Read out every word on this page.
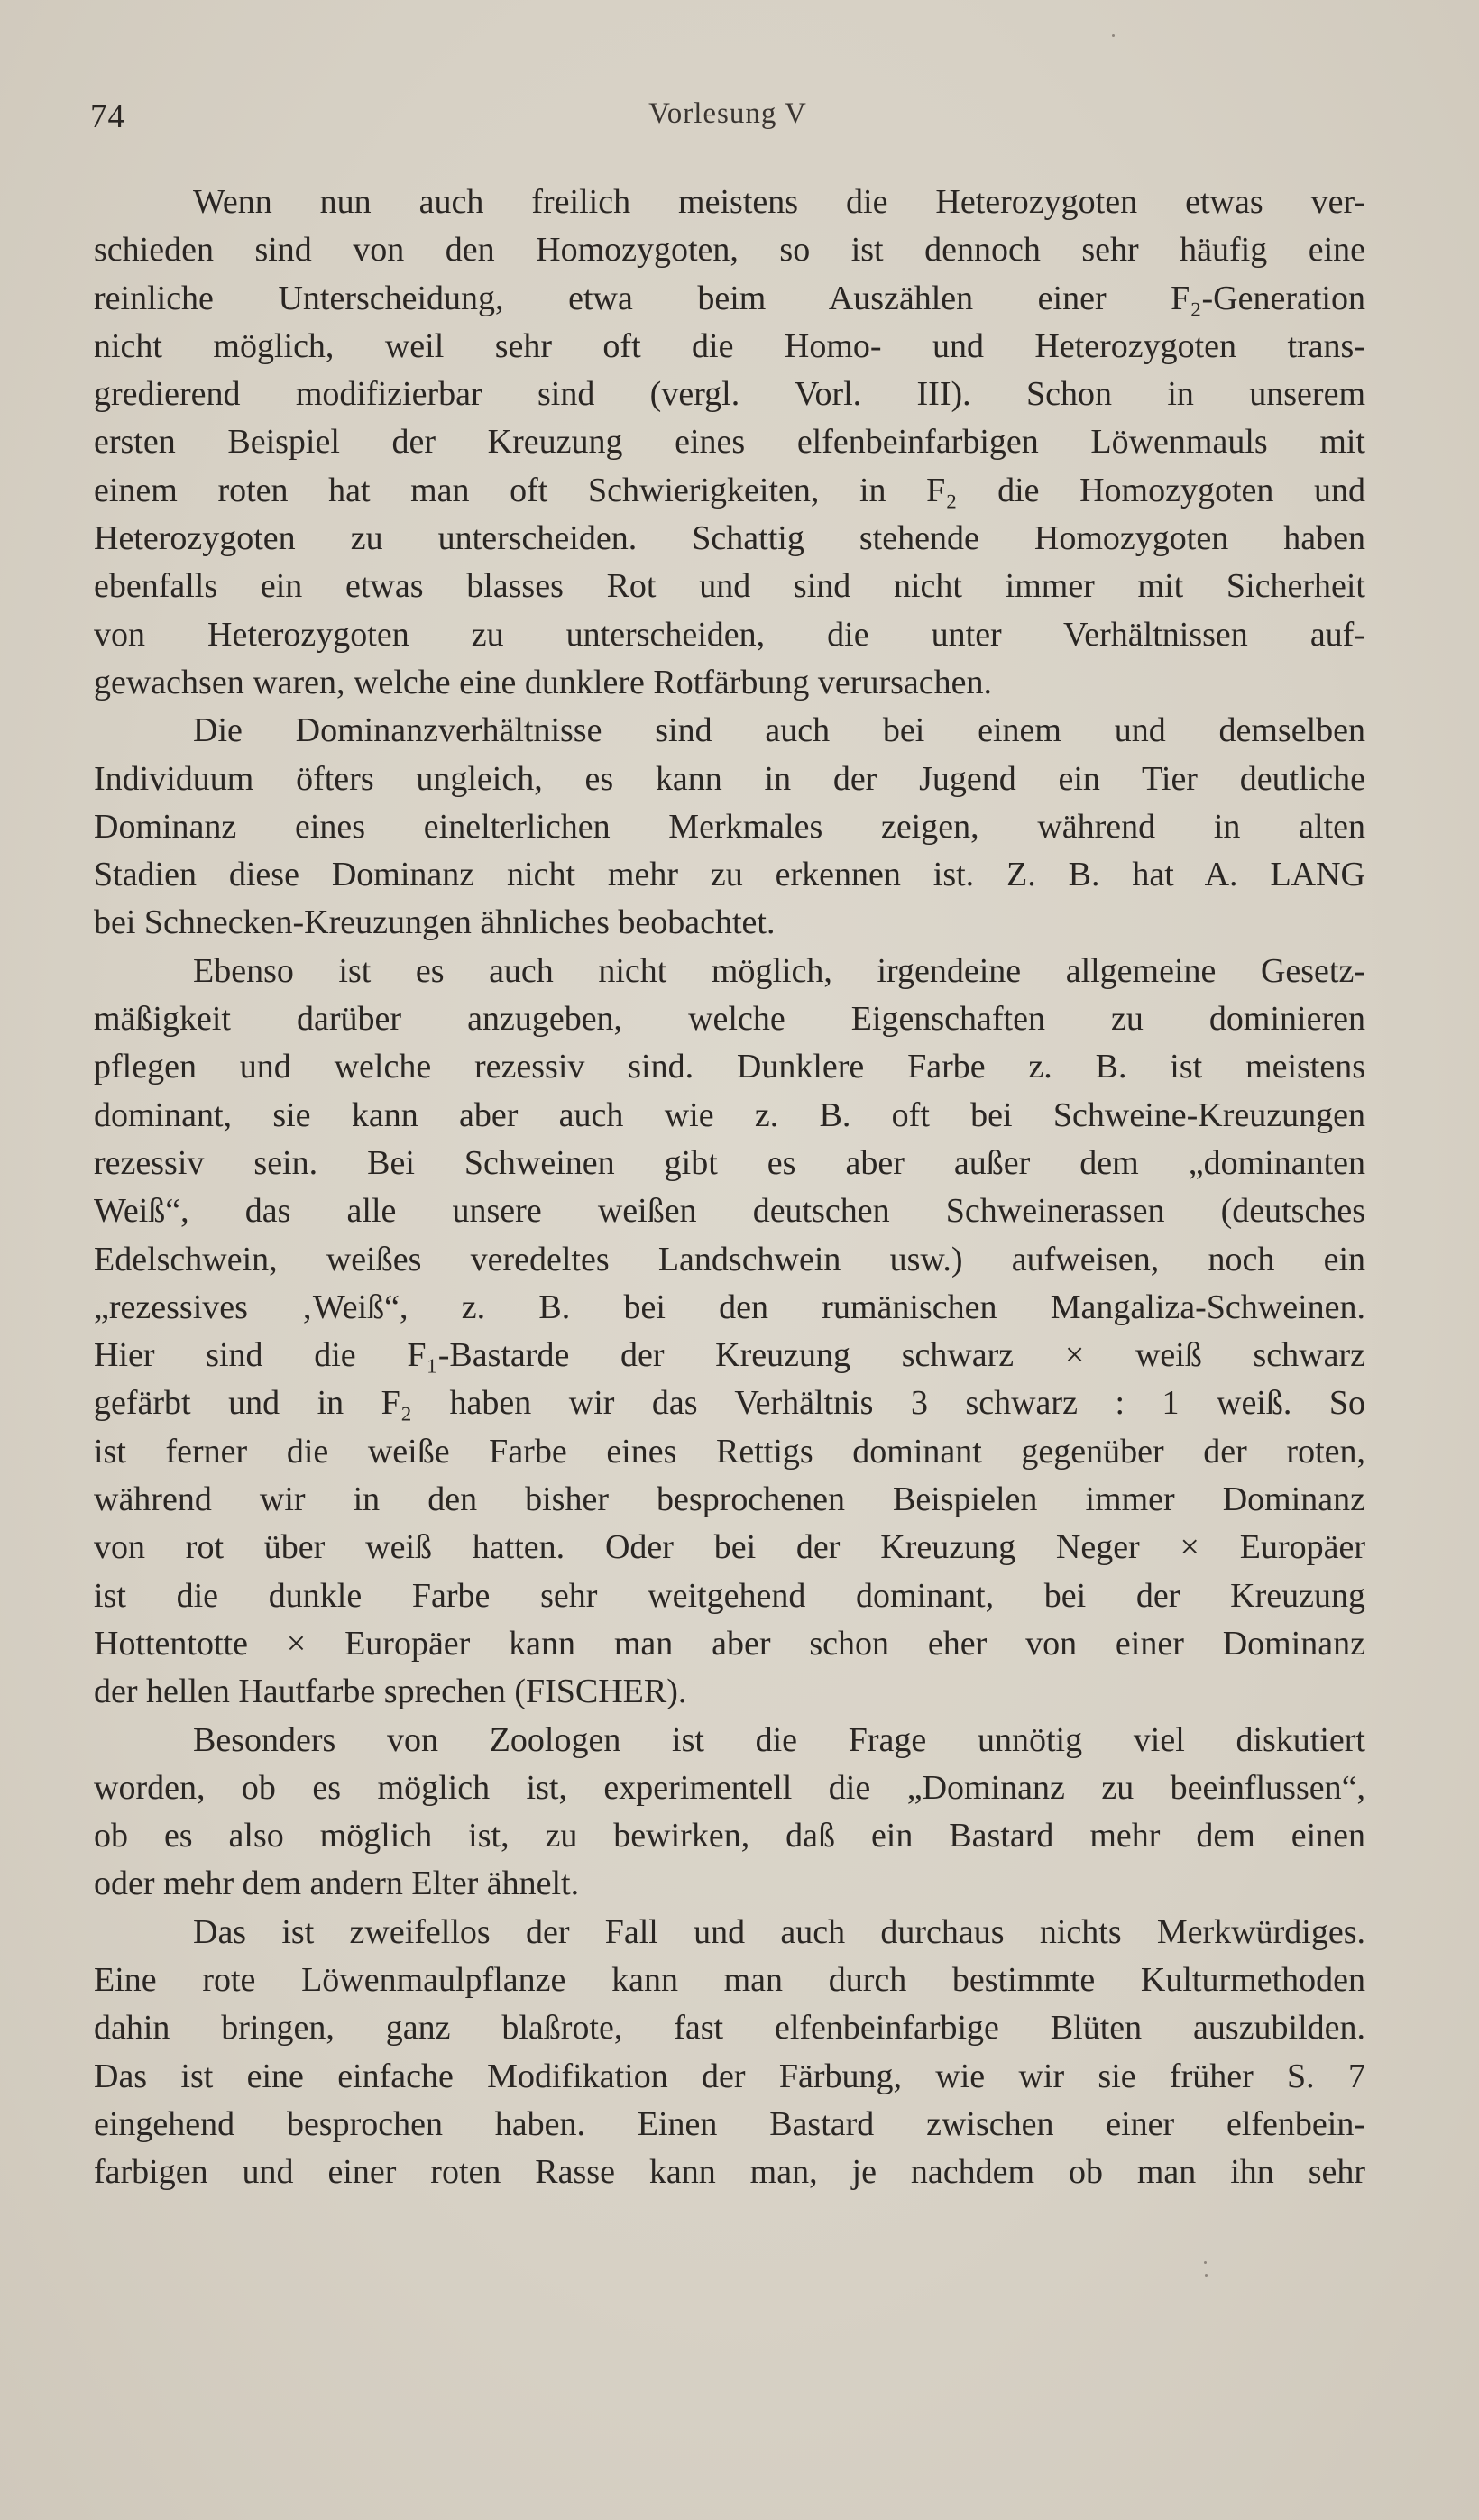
74	Vorlesung V
Wenn nun auch freilich meistens die Heterozygoten etwas ver-
schieden sind von den Homozygoten, so ist dennoch sehr häufig eine
reinliche Unterscheidung, etwa beim Auszählen einer F₂-Generation
nicht möglich, weil sehr oft die Homo- und Heterozygoten trans-
gredierend modifizierbar sind (vergl. Vorl. III). Schon in unserem
ersten Beispiel der Kreuzung eines elfenbeinfarbigen Löwenmauls mit
einem roten hat man oft Schwierigkeiten, in F₂ die Homozygoten und
Heterozygoten zu unterscheiden. Schattig stehende Homozygoten haben
ebenfalls ein etwas blasses Rot und sind nicht immer mit Sicherheit
von Heterozygoten zu unterscheiden, die unter Verhältnissen auf-
gewachsen waren, welche eine dunklere Rotfärbung verursachen.
Die Dominanzverhältnisse sind auch bei einem und demselben
Individuum öfters ungleich, es kann in der Jugend ein Tier deutliche
Dominanz eines einelterlichen Merkmales zeigen, während in alten
Stadien diese Dominanz nicht mehr zu erkennen ist. Z. B. hat A. LANG
bei Schnecken-Kreuzungen ähnliches beobachtet.
Ebenso ist es auch nicht möglich, irgendeine allgemeine Gesetz-
mäßigkeit darüber anzugeben, welche Eigenschaften zu dominieren
pflegen und welche rezessiv sind. Dunklere Farbe z. B. ist meistens
dominant, sie kann aber auch wie z. B. oft bei Schweine-Kreuzungen
rezessiv sein. Bei Schweinen gibt es aber außer dem „dominanten
Weiß“, das alle unsere weißen deutschen Schweinerassen (deutsches
Edelschwein, weißes veredeltes Landschwein usw.) aufweisen, noch ein
„rezessives ‚Weiß“, z. B. bei den rumänischen Mangaliza-Schweinen.
Hier sind die F₁-Bastarde der Kreuzung schwarz × weiß schwarz
gefärbt und in F₂ haben wir das Verhältnis 3 schwarz : 1 weiß. So
ist ferner die weiße Farbe eines Rettigs dominant gegenüber der roten,
während wir in den bisher besprochenen Beispielen immer Dominanz
von rot über weiß hatten. Oder bei der Kreuzung Neger × Europäer
ist die dunkle Farbe sehr weitgehend dominant, bei der Kreuzung
Hottentotte × Europäer kann man aber schon eher von einer Dominanz
der hellen Hautfarbe sprechen (FISCHER).
Besonders von Zoologen ist die Frage unnötig viel diskutiert
worden, ob es möglich ist, experimentell die „Dominanz zu beeinflussen“,
ob es also möglich ist, zu bewirken, daß ein Bastard mehr dem einen
oder mehr dem andern Elter ähnelt.
Das ist zweifellos der Fall und auch durchaus nichts Merkwürdiges.
Eine rote Löwenmaulpflanze kann man durch bestimmte Kulturmethoden
dahin bringen, ganz blaßrote, fast elfenbeinfarbige Blüten auszubilden.
Das ist eine einfache Modifikation der Färbung, wie wir sie früher S. 7
eingehend besprochen haben. Einen Bastard zwischen einer elfenbein-
farbigen und einer roten Rasse kann man, je nachdem ob man ihn sehr
